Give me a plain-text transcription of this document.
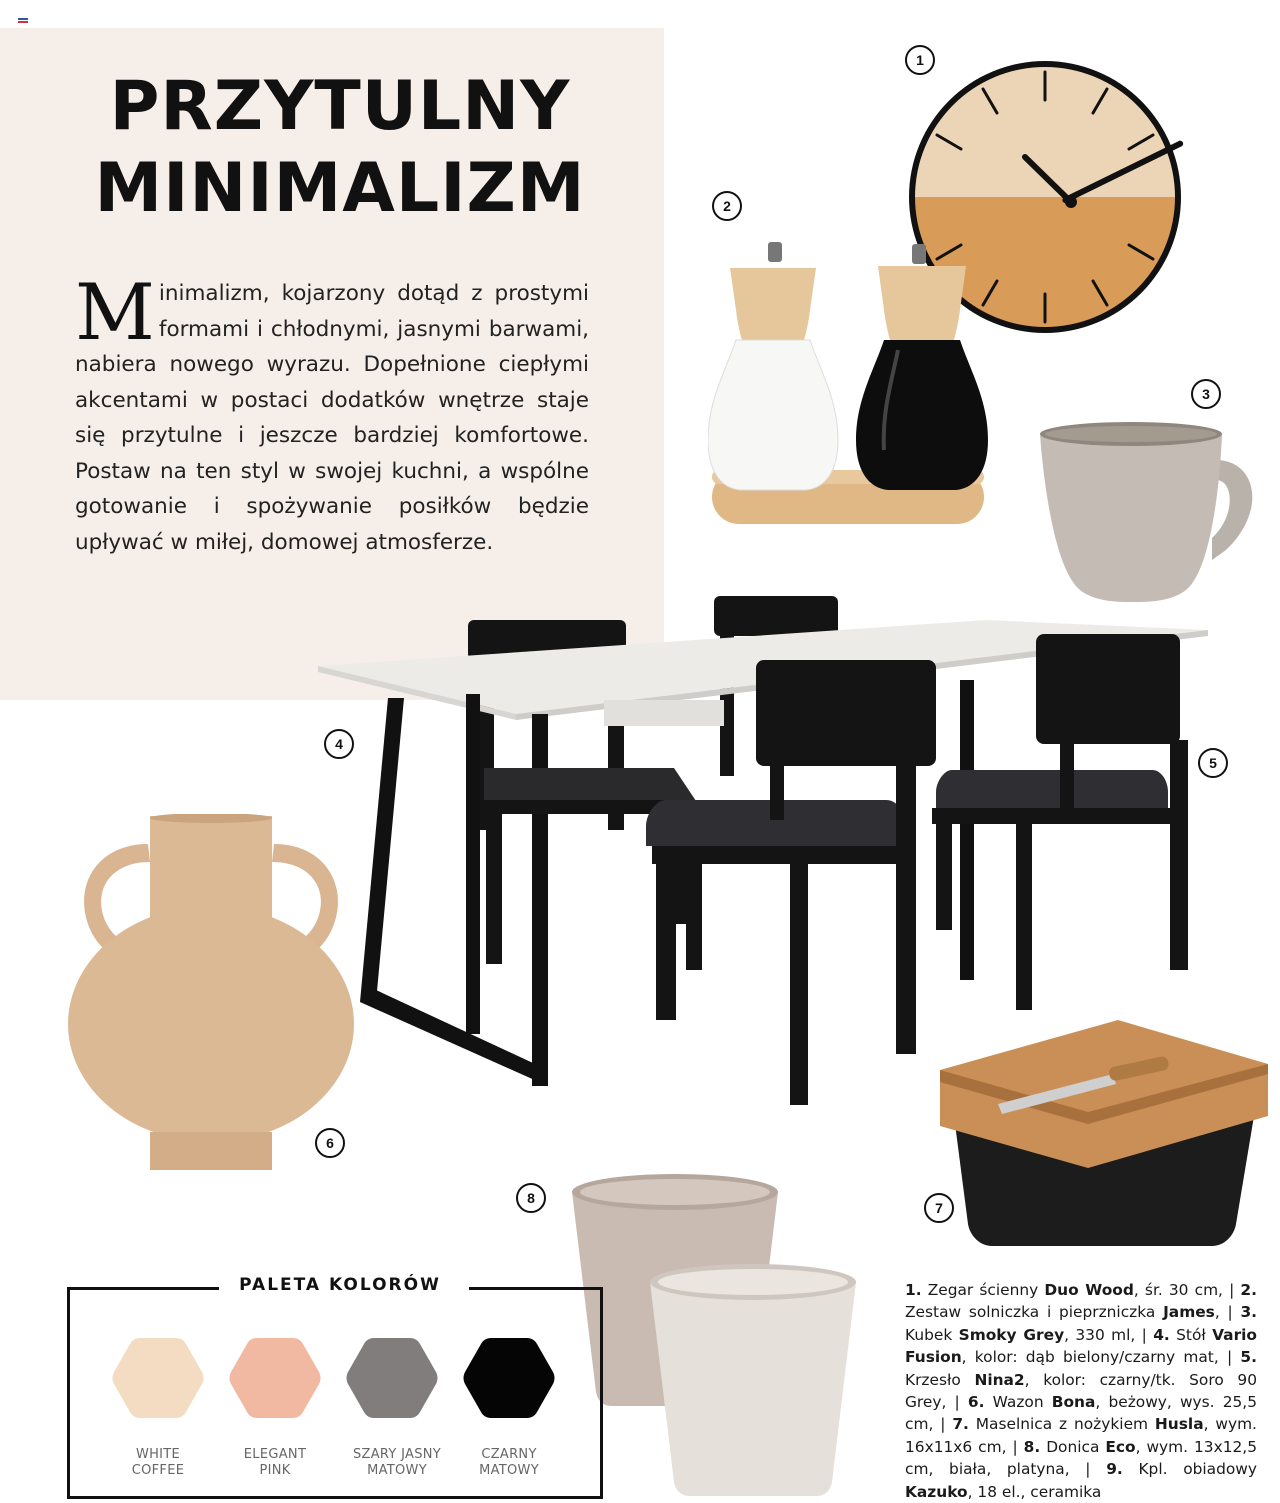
PRZYTULNY
MINIMALIZM
Minimalizm, kojarzony dotąd z prostymi formami i chłodnymi, jasnymi barwami, nabiera nowego wyrazu. Dopełnione ciepłymi akcentami w postaci dodatków wnętrze staje się przytulne i jeszcze bardziej komfortowe. Postaw na ten styl w swojej kuchni, a wspólne gotowanie i spożywanie posiłków będzie upływać w miłej, domowej atmosferze.
1
2
3
4
5
6
7
8
PALETA KOLORÓW
WHITE
COFFEE
ELEGANT
PINK
SZARY JASNY
MATOWY
CZARNY
MATOWY
1. Zegar ścienny Duo Wood, śr. 30 cm, | 2. Zestaw solniczka i pieprzniczka James, | 3. Kubek Smoky Grey, 330 ml, | 4. Stół Vario Fusion, kolor: dąb bielony/czarny mat, | 5. Krzesło Nina2, kolor: czarny/tk. Soro 90 Grey, | 6. Wazon Bona, beżowy, wys. 25,5 cm, | 7. Maselnica z nożykiem Husla, wym. 16x11x6 cm, | 8. Donica Eco, wym. 13x12,5 cm, biała, platyna, | 9. Kpl. obiadowy Kazuko, 18 el., ceramika
